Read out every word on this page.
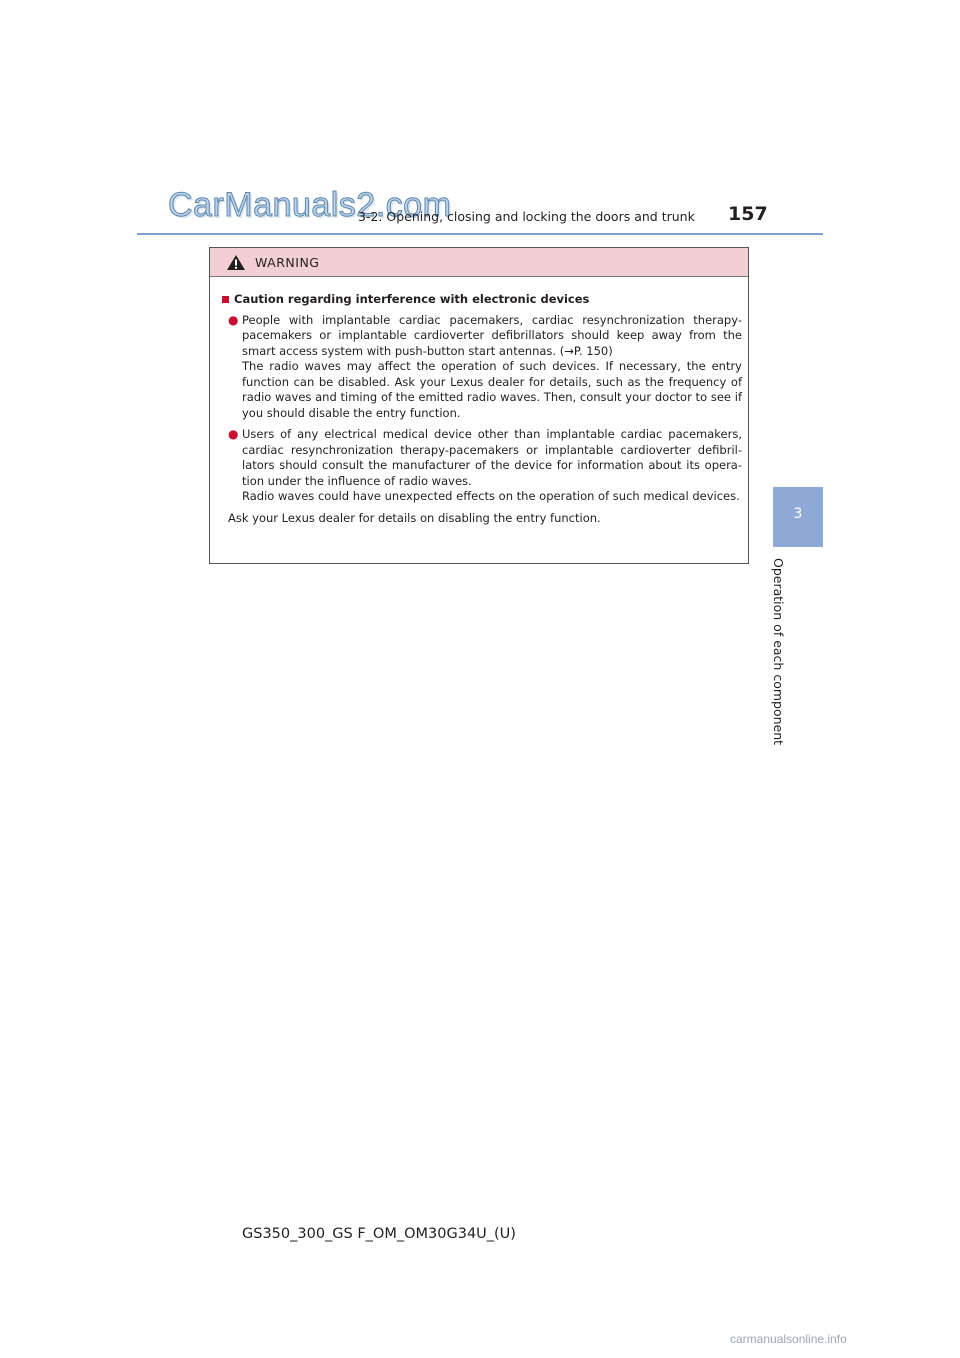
CarManuals2.com
3-2. Opening, closing and locking the doors and trunk 157
3
Operation of each component
WARNING
Caution regarding interference with electronic devices
● People with implantable cardiac pacemakers, cardiac resynchronization therapy-pacemakers or implantable cardioverter defibrillators should keep away from the smart access system with push-button start antennas. (→P. 150)

The radio waves may affect the operation of such devices. If necessary, the entry function can be disabled. Ask your Lexus dealer for details, such as the frequency of radio waves and timing of the emitted radio waves. Then, consult your doctor to see if you should disable the entry function.

● Users of any electrical medical device other than implantable cardiac pacemakers, cardiac resynchronization therapy-pacemakers or implantable cardioverter defibril-lators should consult the manufacturer of the device for information about its opera-tion under the influence of radio waves.

Radio waves could have unexpected effects on the operation of such medical devices.

Ask your Lexus dealer for details on disabling the entry function.
GS350_300_GS F_OM_OM30G34U_(U)
carmanualsonline.info
